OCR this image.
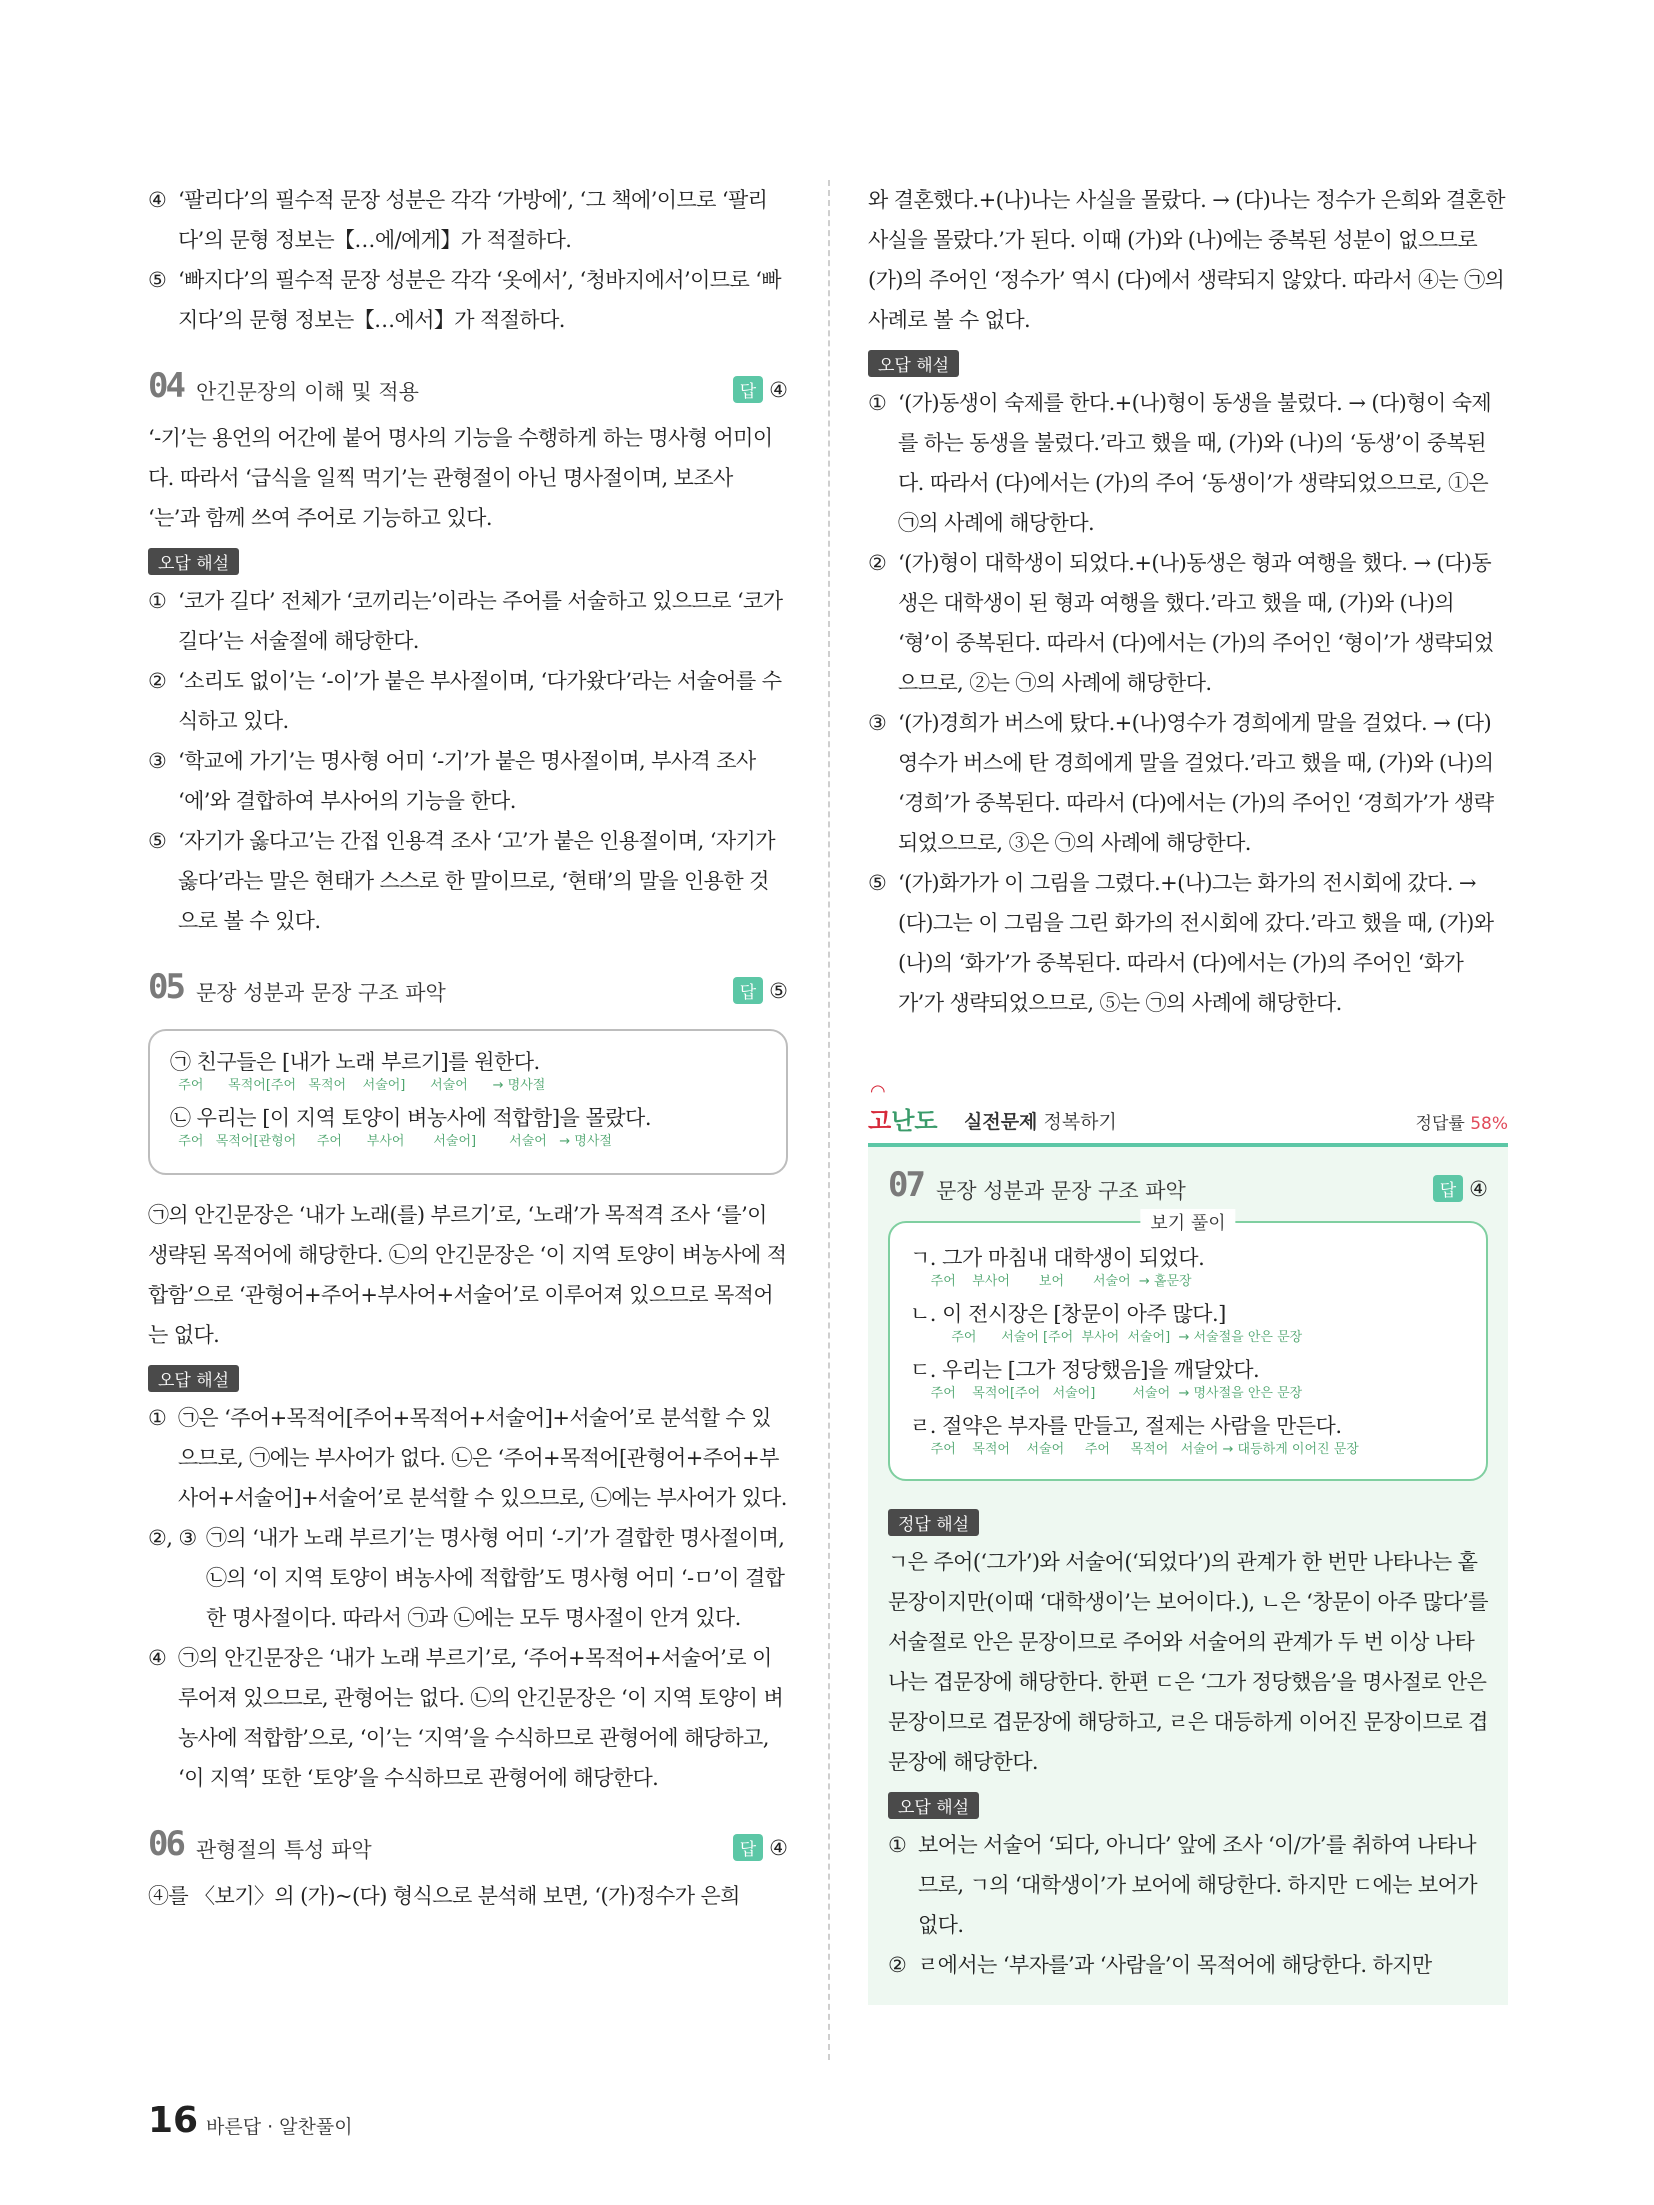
④ ‘팔리다’의 필수적 문장 성분은 각각 ‘가방에’, ‘그 책에’이므로 ‘팔리다’의 문형 정보는【…에/에게】가 적절하다.

⑤ ‘빠지다’의 필수적 문장 성분은 각각 ‘옷에서’, ‘청바지에서’이므로 ‘빠지다’의 문형 정보는【…에서】가 적절하다.

04 안긴문장의 이해 및 적용	답 ④

‘-기’는 용언의 어간에 붙어 명사의 기능을 수행하게 하는 명사형 어미이다. 따라서 ‘급식을 일찍 먹기’는 관형절이 아닌 명사절이며, 보조사 ‘는’과 함께 쓰여 주어로 기능하고 있다.

오답 해설

① ‘코가 길다’ 전체가 ‘코끼리는’이라는 주어를 서술하고 있으므로 ‘코가 길다’는 서술절에 해당한다.

② ‘소리도 없이’는 ‘-이’가 붙은 부사절이며, ‘다가왔다’라는 서술어를 수식하고 있다.

③ ‘학교에 가기’는 명사형 어미 ‘-기’가 붙은 명사절이며, 부사격 조사 ‘에’와 결합하여 부사어의 기능을 한다.

⑤ ‘자기가 옳다고’는 간접 인용격 조사 ‘고’가 붙은 인용절이며, ‘자기가 옳다’라는 말은 현태가 스스로 한 말이므로, ‘현태’의 말을 인용한 것으로 볼 수 있다.

05 문장 성분과 문장 구조 파악	답 ⑤
㉠ 친구들은 [내가 노래 부르기]를 원한다.
주어      목적어[주어   목적어    서술어]      서술어      → 명사절
㉡ 우리는 [이 지역 토양이 벼농사에 적합함]을 몰랐다.
주어   목적어[관형어     주어      부사어       서술어]        서술어   → 명사절

㉠의 안긴문장은 ‘내가 노래(를) 부르기’로, ‘노래’가 목적격 조사 ‘를’이 생략된 목적어에 해당한다. ㉡의 안긴문장은 ‘이 지역 토양이 벼농사에 적합함’으로 ‘관형어+주어+부사어+서술어’로 이루어져 있으므로 목적어는 없다.

오답 해설

① ㉠은 ‘주어+목적어[주어+목적어+서술어]+서술어’로 분석할 수 있으므로, ㉠에는 부사어가 없다. ㉡은 ‘주어+목적어[관형어+주어+부사어+서술어]+서술어’로 분석할 수 있으므로, ㉡에는 부사어가 있다.

②, ③ ㉠의 ‘내가 노래 부르기’는 명사형 어미 ‘-기’가 결합한 명사절이며, ㉡의 ‘이 지역 토양이 벼농사에 적합함’도 명사형 어미 ‘-ㅁ’이 결합한 명사절이다. 따라서 ㉠과 ㉡에는 모두 명사절이 안겨 있다.

④ ㉠의 안긴문장은 ‘내가 노래 부르기’로, ‘주어+목적어+서술어’로 이루어져 있으므로, 관형어는 없다. ㉡의 안긴문장은 ‘이 지역 토양이 벼농사에 적합함’으로, ‘이’는 ‘지역’을 수식하므로 관형어에 해당하고, ‘이 지역’ 또한 ‘토양’을 수식하므로 관형어에 해당한다.

06 관형절의 특성 파악	답 ④

④를 〈보기〉의 (가)~(다) 형식으로 분석해 보면, ‘(가)정수가 은희

와 결혼했다.+(나)나는 사실을 몰랐다. → (다)나는 정수가 은희와 결혼한 사실을 몰랐다.’가 된다. 이때 (가)와 (나)에는 중복된 성분이 없으므로 (가)의 주어인 ‘정수가’ 역시 (다)에서 생략되지 않았다. 따라서 ④는 ㉠의 사례로 볼 수 없다.

오답 해설

① ‘(가)동생이 숙제를 한다.+(나)형이 동생을 불렀다. → (다)형이 숙제를 하는 동생을 불렀다.’라고 했을 때, (가)와 (나)의 ‘동생’이 중복된다. 따라서 (다)에서는 (가)의 주어 ‘동생이’가 생략되었으므로, ①은 ㉠의 사례에 해당한다.

② ‘(가)형이 대학생이 되었다.+(나)동생은 형과 여행을 했다. → (다)동생은 대학생이 된 형과 여행을 했다.’라고 했을 때, (가)와 (나)의 ‘형’이 중복된다. 따라서 (다)에서는 (가)의 주어인 ‘형이’가 생략되었으므로, ②는 ㉠의 사례에 해당한다.

③ ‘(가)경희가 버스에 탔다.+(나)영수가 경희에게 말을 걸었다. → (다) 영수가 버스에 탄 경희에게 말을 걸었다.’라고 했을 때, (가)와 (나)의 ‘경희’가 중복된다. 따라서 (다)에서는 (가)의 주어인 ‘경희가’가 생략되었으므로, ③은 ㉠의 사례에 해당한다.

⑤ ‘(가)화가가 이 그림을 그렸다.+(나)그는 화가의 전시회에 갔다. → (다)그는 이 그림을 그린 화가의 전시회에 갔다.’라고 했을 때, (가)와 (나)의 ‘화가’가 중복된다. 따라서 (다)에서는 (가)의 주어인 ‘화가가’가 생략되었으므로, ⑤는 ㉠의 사례에 해당한다.

◠
고난도 실전문제 정복하기	정답률 58%
07 문장 성분과 문장 구조 파악	답 ④
보기 풀이
ㄱ. 그가 마침내 대학생이 되었다.
주어    부사어       보어       서술어  → 홑문장
ㄴ. 이 전시장은 [창문이 아주 많다.]
주어      서술어 [주어  부사어  서술어]  → 서술절을 안은 문장
ㄷ. 우리는 [그가 정당했음]을 깨달았다.
주어    목적어[주어   서술어]         서술어  → 명사절을 안은 문장
ㄹ. 절약은 부자를 만들고, 절제는 사람을 만든다.
주어    목적어    서술어     주어     목적어   서술어 → 대등하게 이어진 문장
정답 해설

ㄱ은 주어(‘그가’)와 서술어(‘되었다’)의 관계가 한 번만 나타나는 홑문장이지만(이때 ‘대학생이’는 보어이다.), ㄴ은 ‘창문이 아주 많다’를 서술절로 안은 문장이므로 주어와 서술어의 관계가 두 번 이상 나타나는 겹문장에 해당한다. 한편 ㄷ은 ‘그가 정당했음’을 명사절로 안은 문장이므로 겹문장에 해당하고, ㄹ은 대등하게 이어진 문장이므로 겹문장에 해당한다.

오답 해설

① 보어는 서술어 ‘되다, 아니다’ 앞에 조사 ‘이/가’를 취하여 나타나므로, ㄱ의 ‘대학생이’가 보어에 해당한다. 하지만 ㄷ에는 보어가 없다.

② ㄹ에서는 ‘부자를’과 ‘사람을’이 목적어에 해당한다. 하지만

16 바른답 · 알찬풀이
